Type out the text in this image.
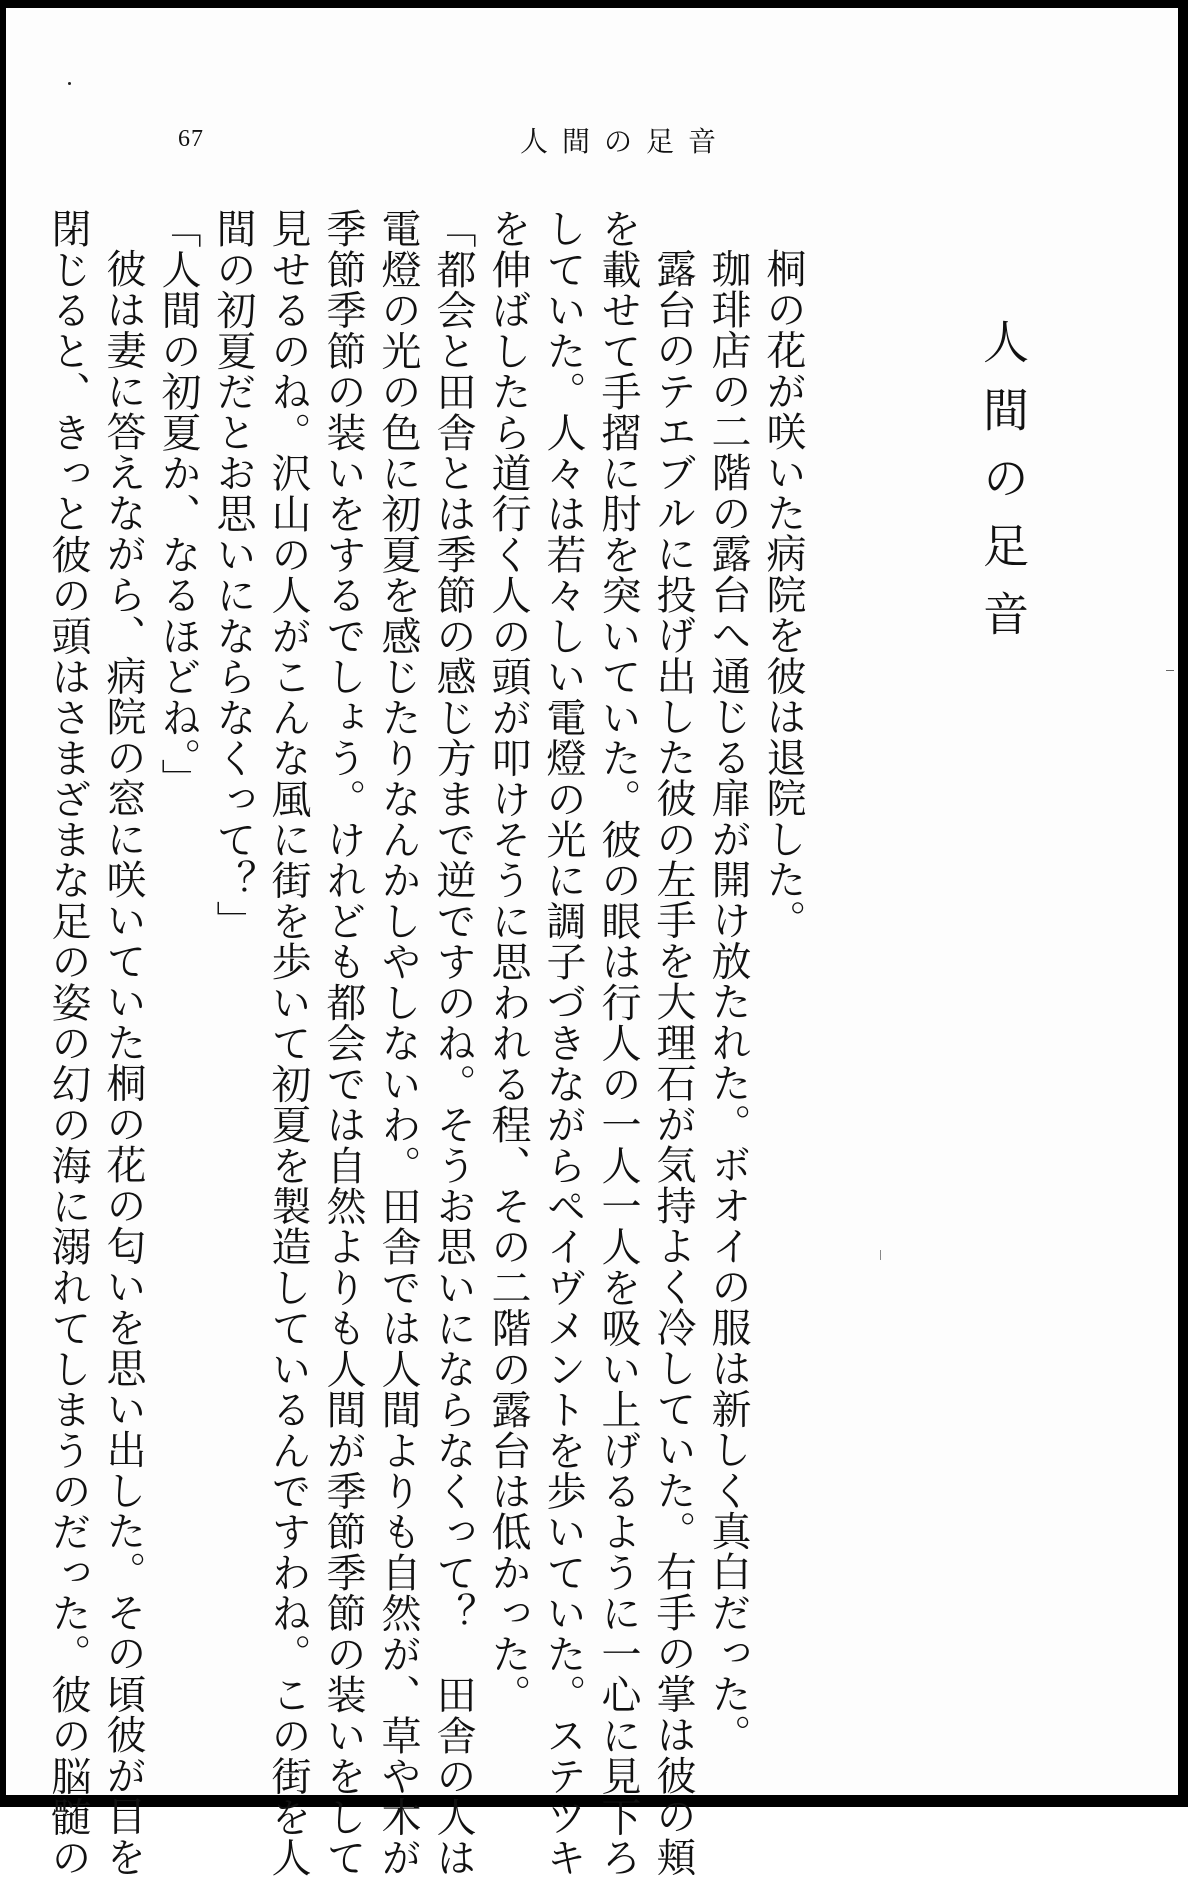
67	人間の足音
人間の足音
桐の花が咲いた病院を彼は退院した。
珈琲店の二階の露台へ通じる扉が開け放たれた。ボオイの服は新しく真白だった。
露台のテエブルに投げ出した彼の左手を大理石が気持よく冷していた。右手の掌は彼の頬
を載せて手摺に肘を突いていた。彼の眼は行人の一人一人を吸い上げるように一心に見下ろ
していた。人々は若々しい電燈の光に調子づきながらペイヴメントを歩いていた。ステツキ
を伸ばしたら道行く人の頭が叩けそうに思われる程、その二階の露台は低かった。
「都会と田舎とは季節の感じ方まで逆ですのね。そうお思いにならなくって？　田舎の人は
電燈の光の色に初夏を感じたりなんかしやしないわ。田舎では人間よりも自然が、草や木が
季節季節の装いをするでしょう。けれども都会では自然よりも人間が季節季節の装いをして
見せるのね。沢山の人がこんな風に街を歩いて初夏を製造しているんですわね。この街を人
間の初夏だとお思いにならなくって？」
「人間の初夏か、なるほどね。」
彼は妻に答えながら、病院の窓に咲いていた桐の花の匂いを思い出した。その頃彼が目を
閉じると、きっと彼の頭はさまざまな足の姿の幻の海に溺れてしまうのだった。彼の脳髄の
